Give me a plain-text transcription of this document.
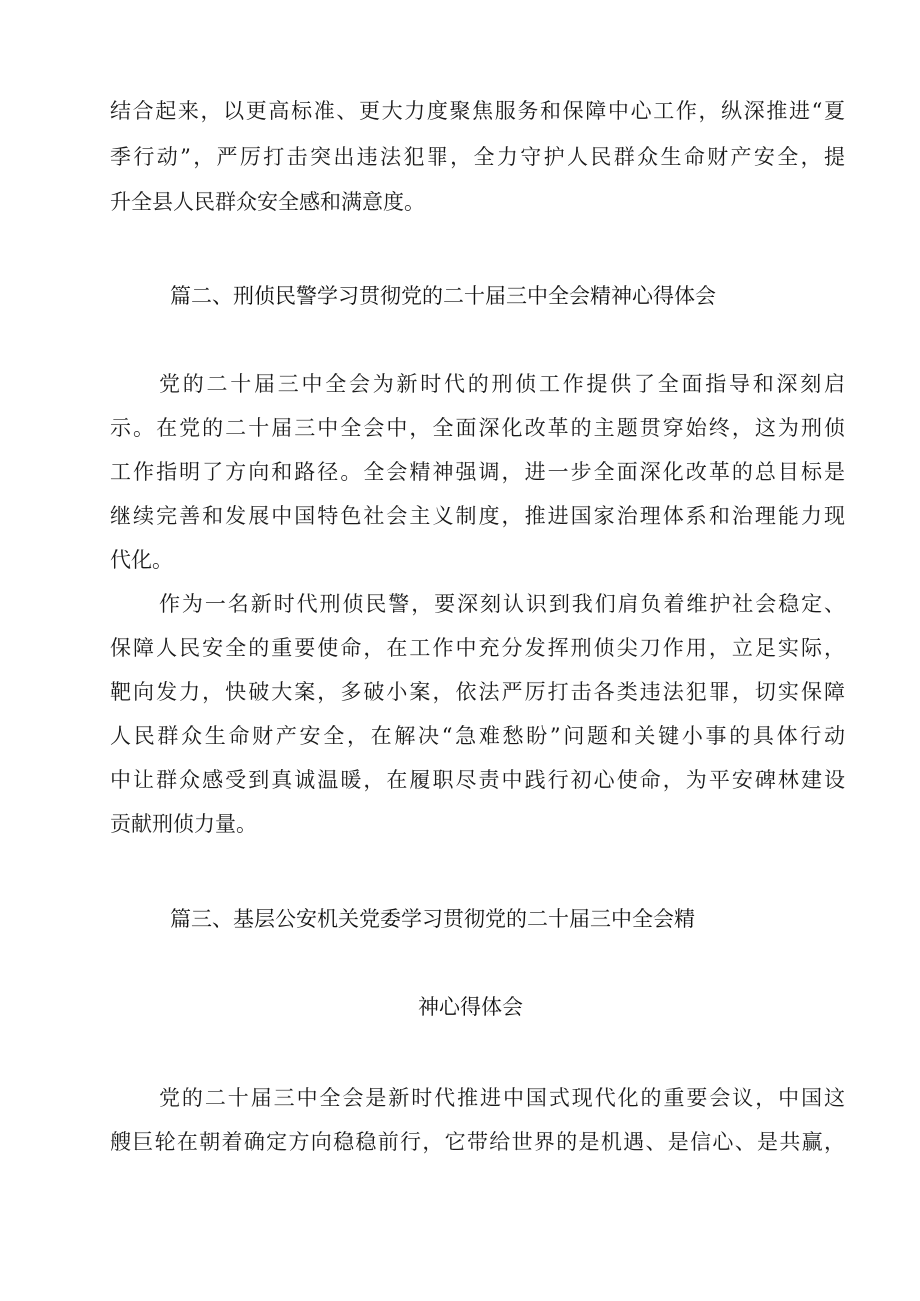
结合起来，以更高标准、更大力度聚焦服务和保障中心工作，纵深推进“夏
季行动”，严厉打击突出违法犯罪，全力守护人民群众生命财产安全，提
升全县人民群众安全感和满意度。
篇二、刑侦民警学习贯彻党的二十届三中全会精神心得体会
党的二十届三中全会为新时代的刑侦工作提供了全面指导和深刻启
示。在党的二十届三中全会中，全面深化改革的主题贯穿始终，这为刑侦
工作指明了方向和路径。全会精神强调，进一步全面深化改革的总目标是
继续完善和发展中国特色社会主义制度，推进国家治理体系和治理能力现
代化。
作为一名新时代刑侦民警，要深刻认识到我们肩负着维护社会稳定、
保障人民安全的重要使命，在工作中充分发挥刑侦尖刀作用，立足实际，
靶向发力，快破大案，多破小案，依法严厉打击各类违法犯罪，切实保障
人民群众生命财产安全，在解决“急难愁盼”问题和关键小事的具体行动
中让群众感受到真诚温暖，在履职尽责中践行初心使命，为平安碑林建设
贡献刑侦力量。
篇三、基层公安机关党委学习贯彻党的二十届三中全会精
神心得体会
党的二十届三中全会是新时代推进中国式现代化的重要会议，中国这
艘巨轮在朝着确定方向稳稳前行，它带给世界的是机遇、是信心、是共赢，
